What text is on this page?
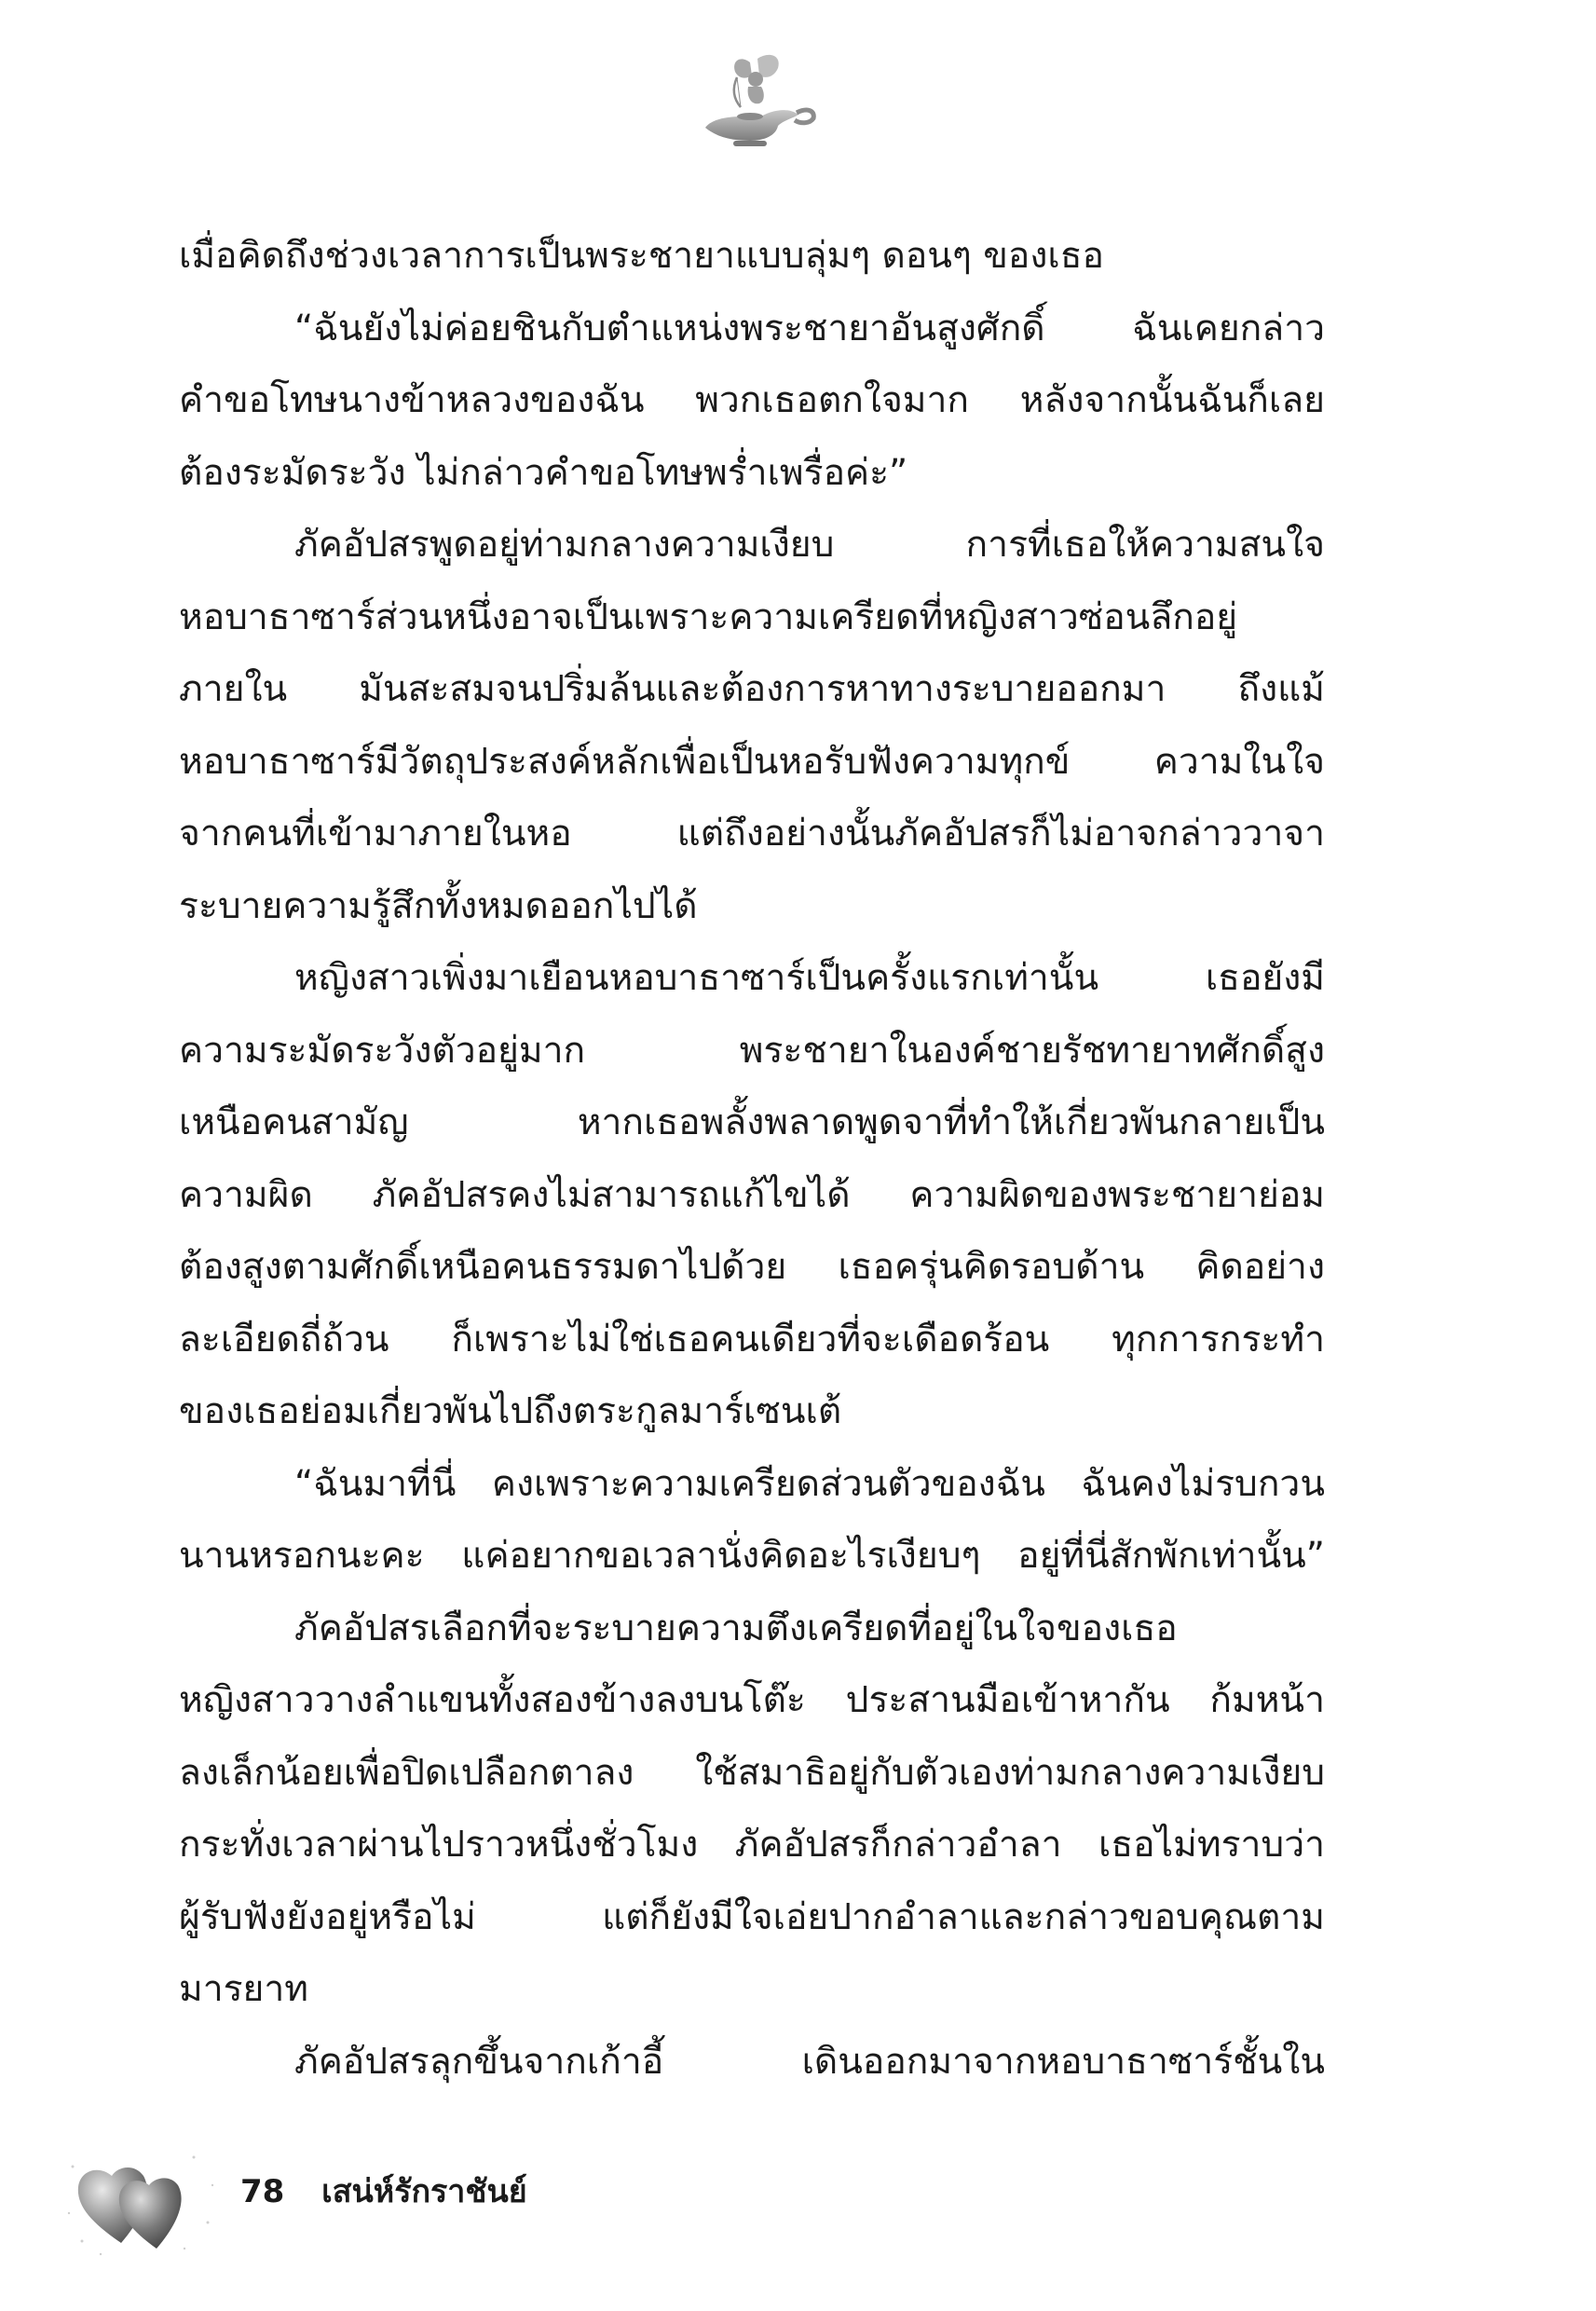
เมื่อคิดถึงช่วงเวลาการเป็นพระชายาแบบลุ่มๆ ดอนๆ ของเธอ
“ฉันยังไม่ค่อยชินกับตำแหน่งพระชายาอันสูงศักดิ์ ฉันเคยกล่าว
คำขอโทษนางข้าหลวงของฉัน พวกเธอตกใจมาก หลังจากนั้นฉันก็เลย
ต้องระมัดระวัง ไม่กล่าวคำขอโทษพร่ำเพรื่อค่ะ”
ภัคอัปสรพูดอยู่ท่ามกลางความเงียบ การที่เธอให้ความสนใจ
หอบาธาซาร์ส่วนหนึ่งอาจเป็นเพราะความเครียดที่หญิงสาวซ่อนลึกอยู่
ภายใน มันสะสมจนปริ่มล้นและต้องการหาทางระบายออกมา ถึงแม้
หอบาธาซาร์มีวัตถุประสงค์หลักเพื่อเป็นหอรับฟังความทุกข์ ความในใจ
จากคนที่เข้ามาภายในหอ แต่ถึงอย่างนั้นภัคอัปสรก็ไม่อาจกล่าววาจา
ระบายความรู้สึกทั้งหมดออกไปได้
หญิงสาวเพิ่งมาเยือนหอบาธาซาร์เป็นครั้งแรกเท่านั้น เธอยังมี
ความระมัดระวังตัวอยู่มาก พระชายาในองค์ชายรัชทายาทศักดิ์สูง
เหนือคนสามัญ หากเธอพลั้งพลาดพูดจาที่ทำให้เกี่ยวพันกลายเป็น
ความผิด ภัคอัปสรคงไม่สามารถแก้ไขได้ ความผิดของพระชายาย่อม
ต้องสูงตามศักดิ์เหนือคนธรรมดาไปด้วย เธอครุ่นคิดรอบด้าน คิดอย่าง
ละเอียดถี่ถ้วน ก็เพราะไม่ใช่เธอคนเดียวที่จะเดือดร้อน ทุกการกระทำ
ของเธอย่อมเกี่ยวพันไปถึงตระกูลมาร์เซนเต้
“ฉันมาที่นี่ คงเพราะความเครียดส่วนตัวของฉัน ฉันคงไม่รบกวน
นานหรอกนะคะ แค่อยากขอเวลานั่งคิดอะไรเงียบๆ อยู่ที่นี่สักพักเท่านั้น”
ภัคอัปสรเลือกที่จะระบายความตึงเครียดที่อยู่ในใจของเธอ
หญิงสาววางลำแขนทั้งสองข้างลงบนโต๊ะ ประสานมือเข้าหากัน ก้มหน้า
ลงเล็กน้อยเพื่อปิดเปลือกตาลง ใช้สมาธิอยู่กับตัวเองท่ามกลางความเงียบ
กระทั่งเวลาผ่านไปราวหนึ่งชั่วโมง ภัคอัปสรก็กล่าวอำลา เธอไม่ทราบว่า
ผู้รับฟังยังอยู่หรือไม่ แต่ก็ยังมีใจเอ่ยปากอำลาและกล่าวขอบคุณตาม
มารยาท
ภัคอัปสรลุกขึ้นจากเก้าอี้ เดินออกมาจากหอบาธาซาร์ชั้นใน
78 เสน่ห์รักราชันย์
